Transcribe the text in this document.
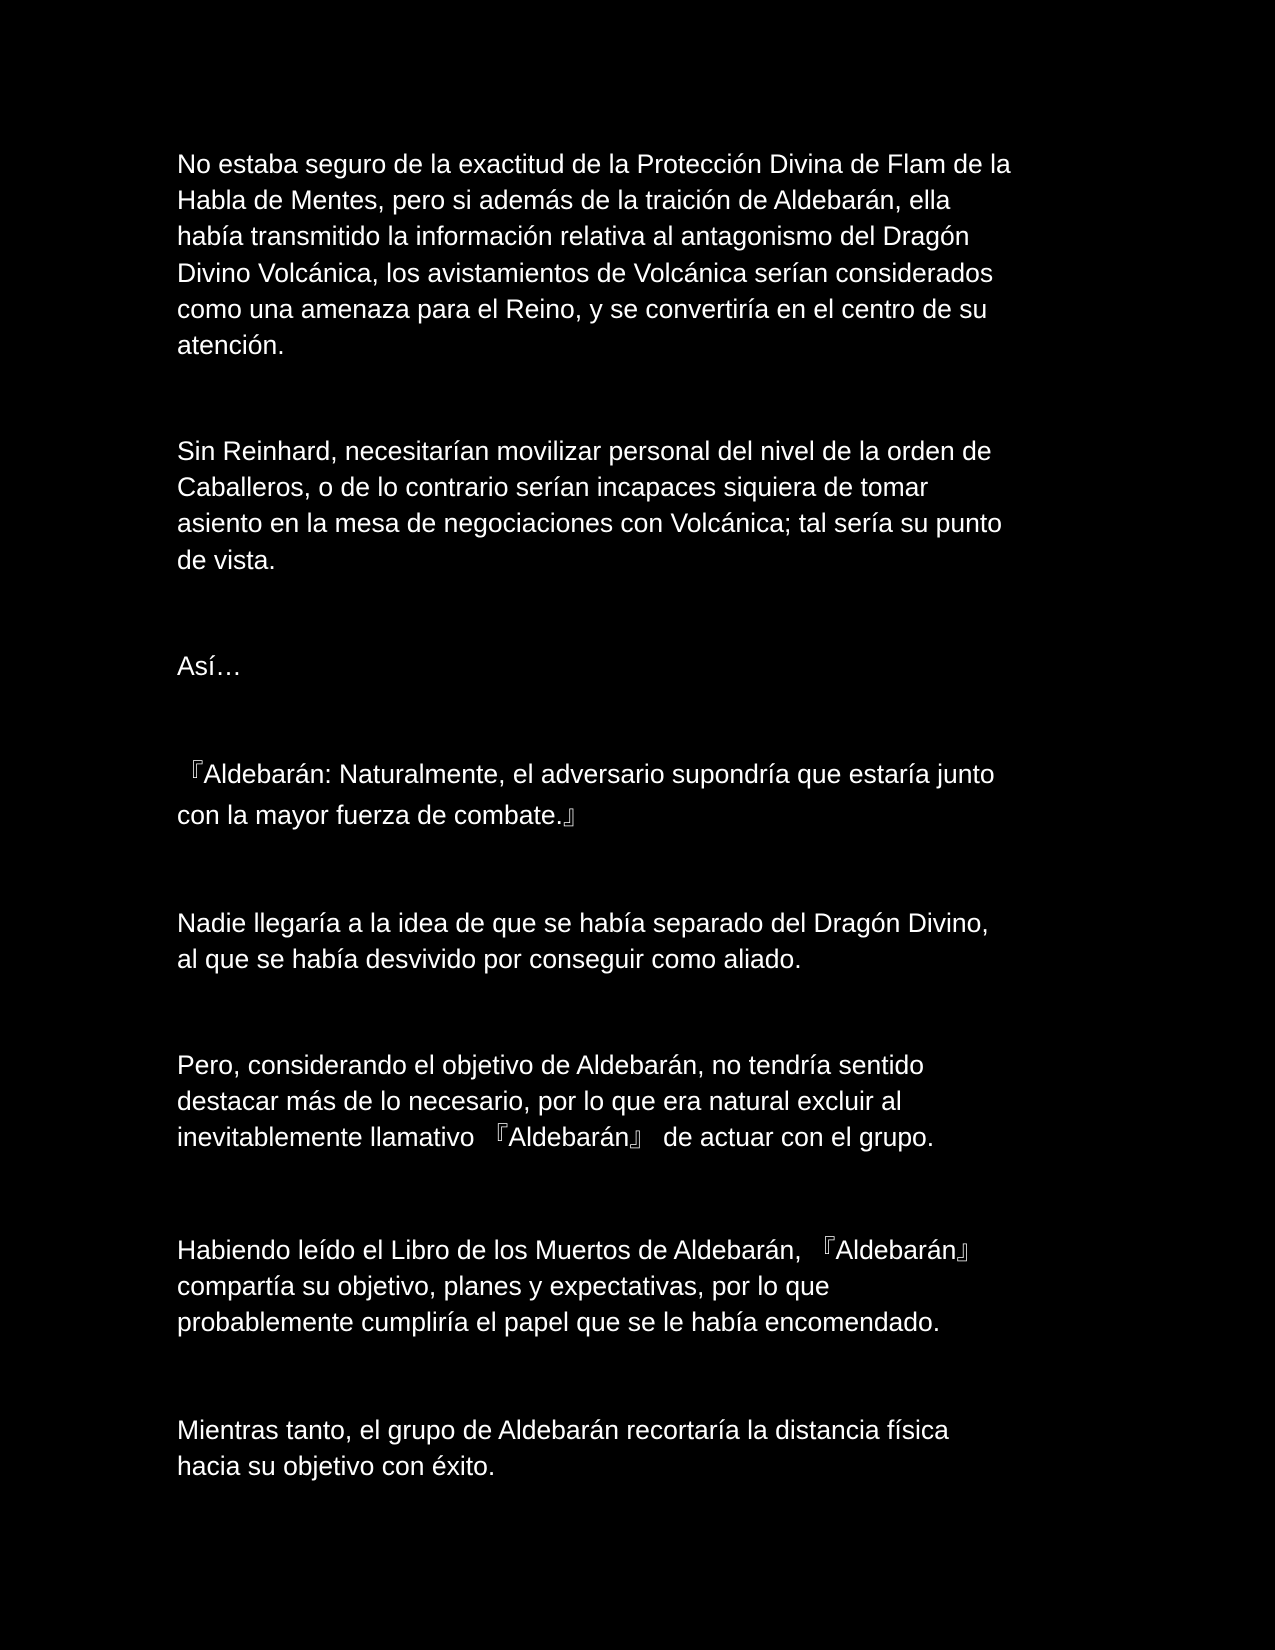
No estaba seguro de la exactitud de la Protección Divina de Flam de la
Habla de Mentes, pero si además de la traición de Aldebarán, ella
había transmitido la información relativa al antagonismo del Dragón
Divino Volcánica, los avistamientos de Volcánica serían considerados
como una amenaza para el Reino, y se convertiría en el centro de su
atención.

Sin Reinhard, necesitarían movilizar personal del nivel de la orden de
Caballeros, o de lo contrario serían incapaces siquiera de tomar
asiento en la mesa de negociaciones con Volcánica; tal sería su punto
de vista.

Así…

『Aldebarán: Naturalmente, el adversario supondría que estaría junto
con la mayor fuerza de combate.』

Nadie llegaría a la idea de que se había separado del Dragón Divino,
al que se había desvivido por conseguir como aliado.

Pero, considerando el objetivo de Aldebarán, no tendría sentido
destacar más de lo necesario, por lo que era natural excluir al
inevitablemente llamativo 『Aldebarán』 de actuar con el grupo.

Habiendo leído el Libro de los Muertos de Aldebarán, 『Aldebarán』
compartía su objetivo, planes y expectativas, por lo que
probablemente cumpliría el papel que se le había encomendado.

Mientras tanto, el grupo de Aldebarán recortaría la distancia física
hacia su objetivo con éxito.
